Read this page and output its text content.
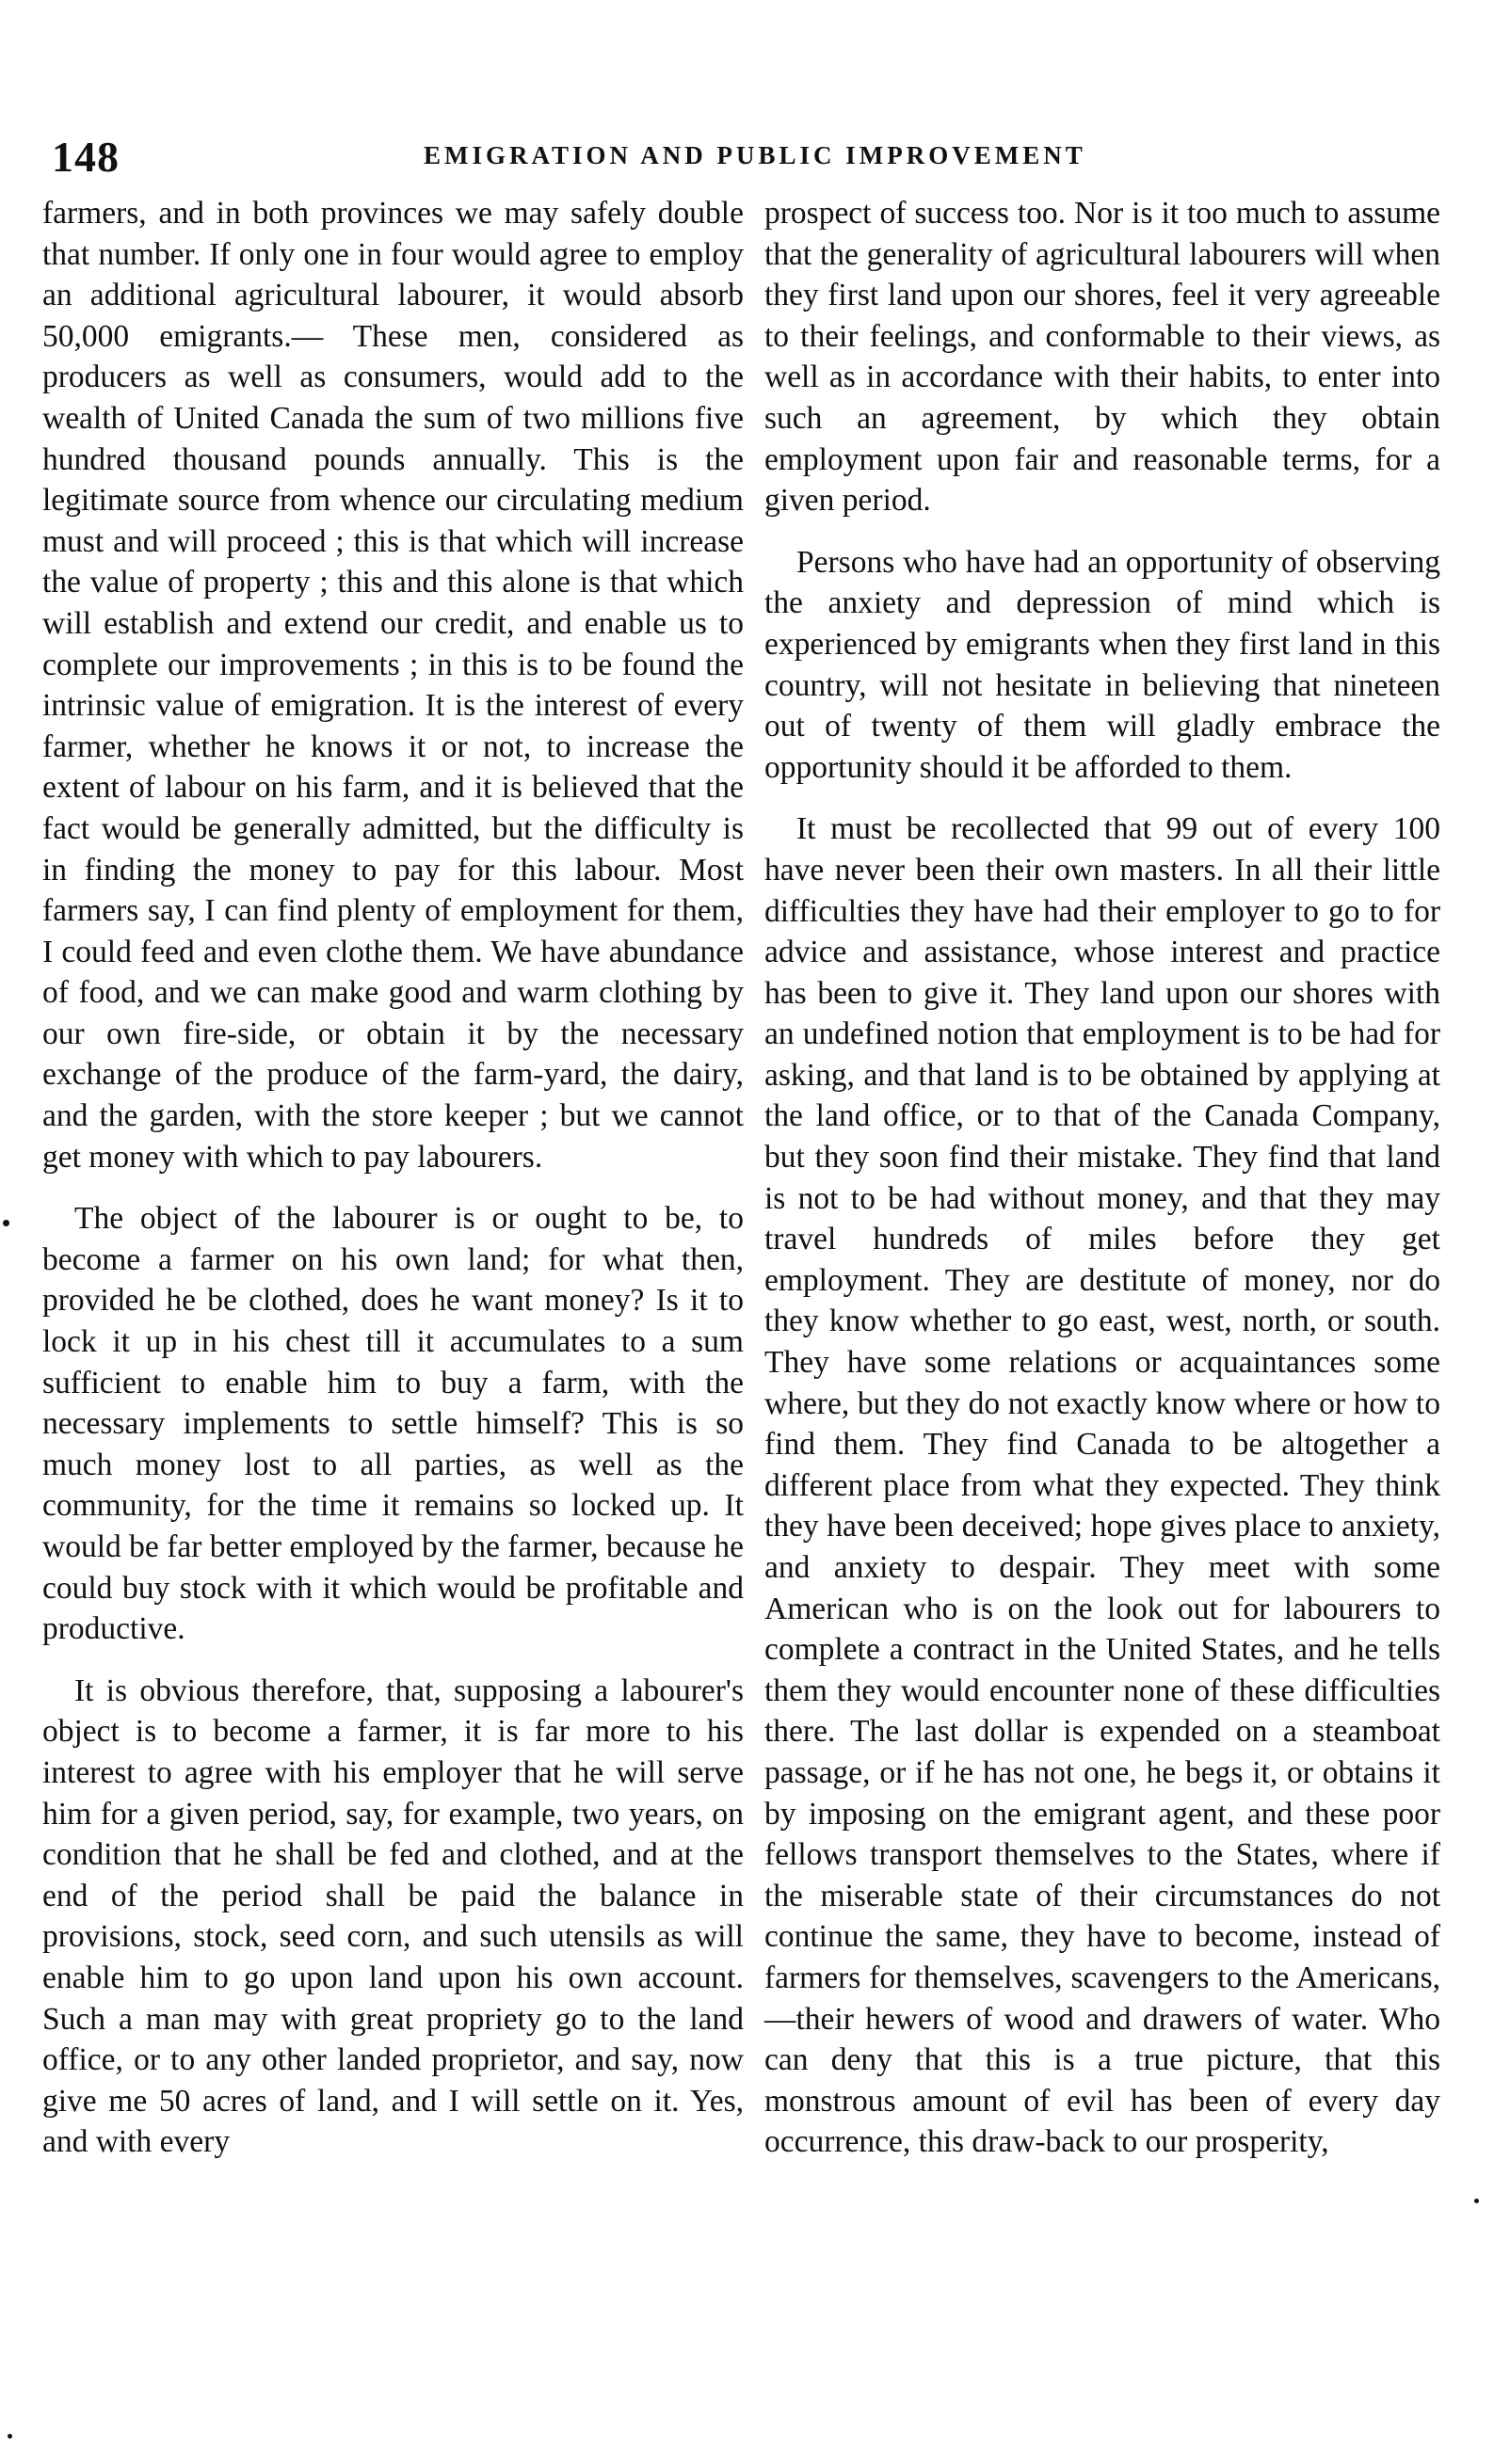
148	EMIGRATION AND PUBLIC IMPROVEMENT

farmers, and in both provinces we may safely double that number. If only one in four would agree to employ an additional agricultural labourer, it would absorb 50,000 emigrants.— These men, considered as producers as well as consumers, would add to the wealth of United Canada the sum of two millions five hundred thousand pounds annually. This is the legitimate source from whence our circulating medium must and will proceed ; this is that which will increase the value of property ; this and this alone is that which will establish and extend our credit, and enable us to complete our improvements ; in this is to be found the intrinsic value of emigration. It is the interest of every farmer, whether he knows it or not, to increase the extent of labour on his farm, and it is believed that the fact would be generally admitted, but the difficulty is in finding the money to pay for this labour. Most farmers say, I can find plenty of employment for them, I could feed and even clothe them. We have abundance of food, and we can make good and warm clothing by our own fire-side, or obtain it by the necessary exchange of the produce of the farm-yard, the dairy, and the garden, with the store keeper ; but we cannot get money with which to pay labourers.

The object of the labourer is or ought to be, to become a farmer on his own land; for what then, provided he be clothed, does he want money? Is it to lock it up in his chest till it accumulates to a sum sufficient to enable him to buy a farm, with the necessary implements to settle himself? This is so much money lost to all parties, as well as the community, for the time it remains so locked up. It would be far better employed by the farmer, because he could buy stock with it which would be profitable and productive.

It is obvious therefore, that, supposing a labourer's object is to become a farmer, it is far more to his interest to agree with his employer that he will serve him for a given period, say, for example, two years, on condition that he shall be fed and clothed, and at the end of the period shall be paid the balance in provisions, stock, seed corn, and such utensils as will enable him to go upon land upon his own account. Such a man may with great propriety go to the land office, or to any other landed proprietor, and say, now give me 50 acres of land, and I will settle on it. Yes, and with every

prospect of success too. Nor is it too much to assume that the generality of agricultural labourers will when they first land upon our shores, feel it very agreeable to their feelings, and conformable to their views, as well as in accordance with their habits, to enter into such an agreement, by which they obtain employment upon fair and reasonable terms, for a given period.

Persons who have had an opportunity of observing the anxiety and depression of mind which is experienced by emigrants when they first land in this country, will not hesitate in believing that nineteen out of twenty of them will gladly embrace the opportunity should it be afforded to them.

It must be recollected that 99 out of every 100 have never been their own masters. In all their little difficulties they have had their employer to go to for advice and assistance, whose interest and practice has been to give it. They land upon our shores with an undefined notion that employment is to be had for asking, and that land is to be obtained by applying at the land office, or to that of the Canada Company, but they soon find their mistake. They find that land is not to be had without money, and that they may travel hundreds of miles before they get employment. They are destitute of money, nor do they know whether to go east, west, north, or south. They have some relations or acquaintances some where, but they do not exactly know where or how to find them. They find Canada to be altogether a different place from what they expected. They think they have been deceived; hope gives place to anxiety, and anxiety to despair. They meet with some American who is on the look out for labourers to complete a contract in the United States, and he tells them they would encounter none of these difficulties there. The last dollar is expended on a steamboat passage, or if he has not one, he begs it, or obtains it by imposing on the emigrant agent, and these poor fellows transport themselves to the States, where if the miserable state of their circumstances do not continue the same, they have to become, instead of farmers for themselves, scavengers to the Americans,—their hewers of wood and drawers of water. Who can deny that this is a true picture, that this monstrous amount of evil has been of every day occurrence, this draw-back to our prosperity,
